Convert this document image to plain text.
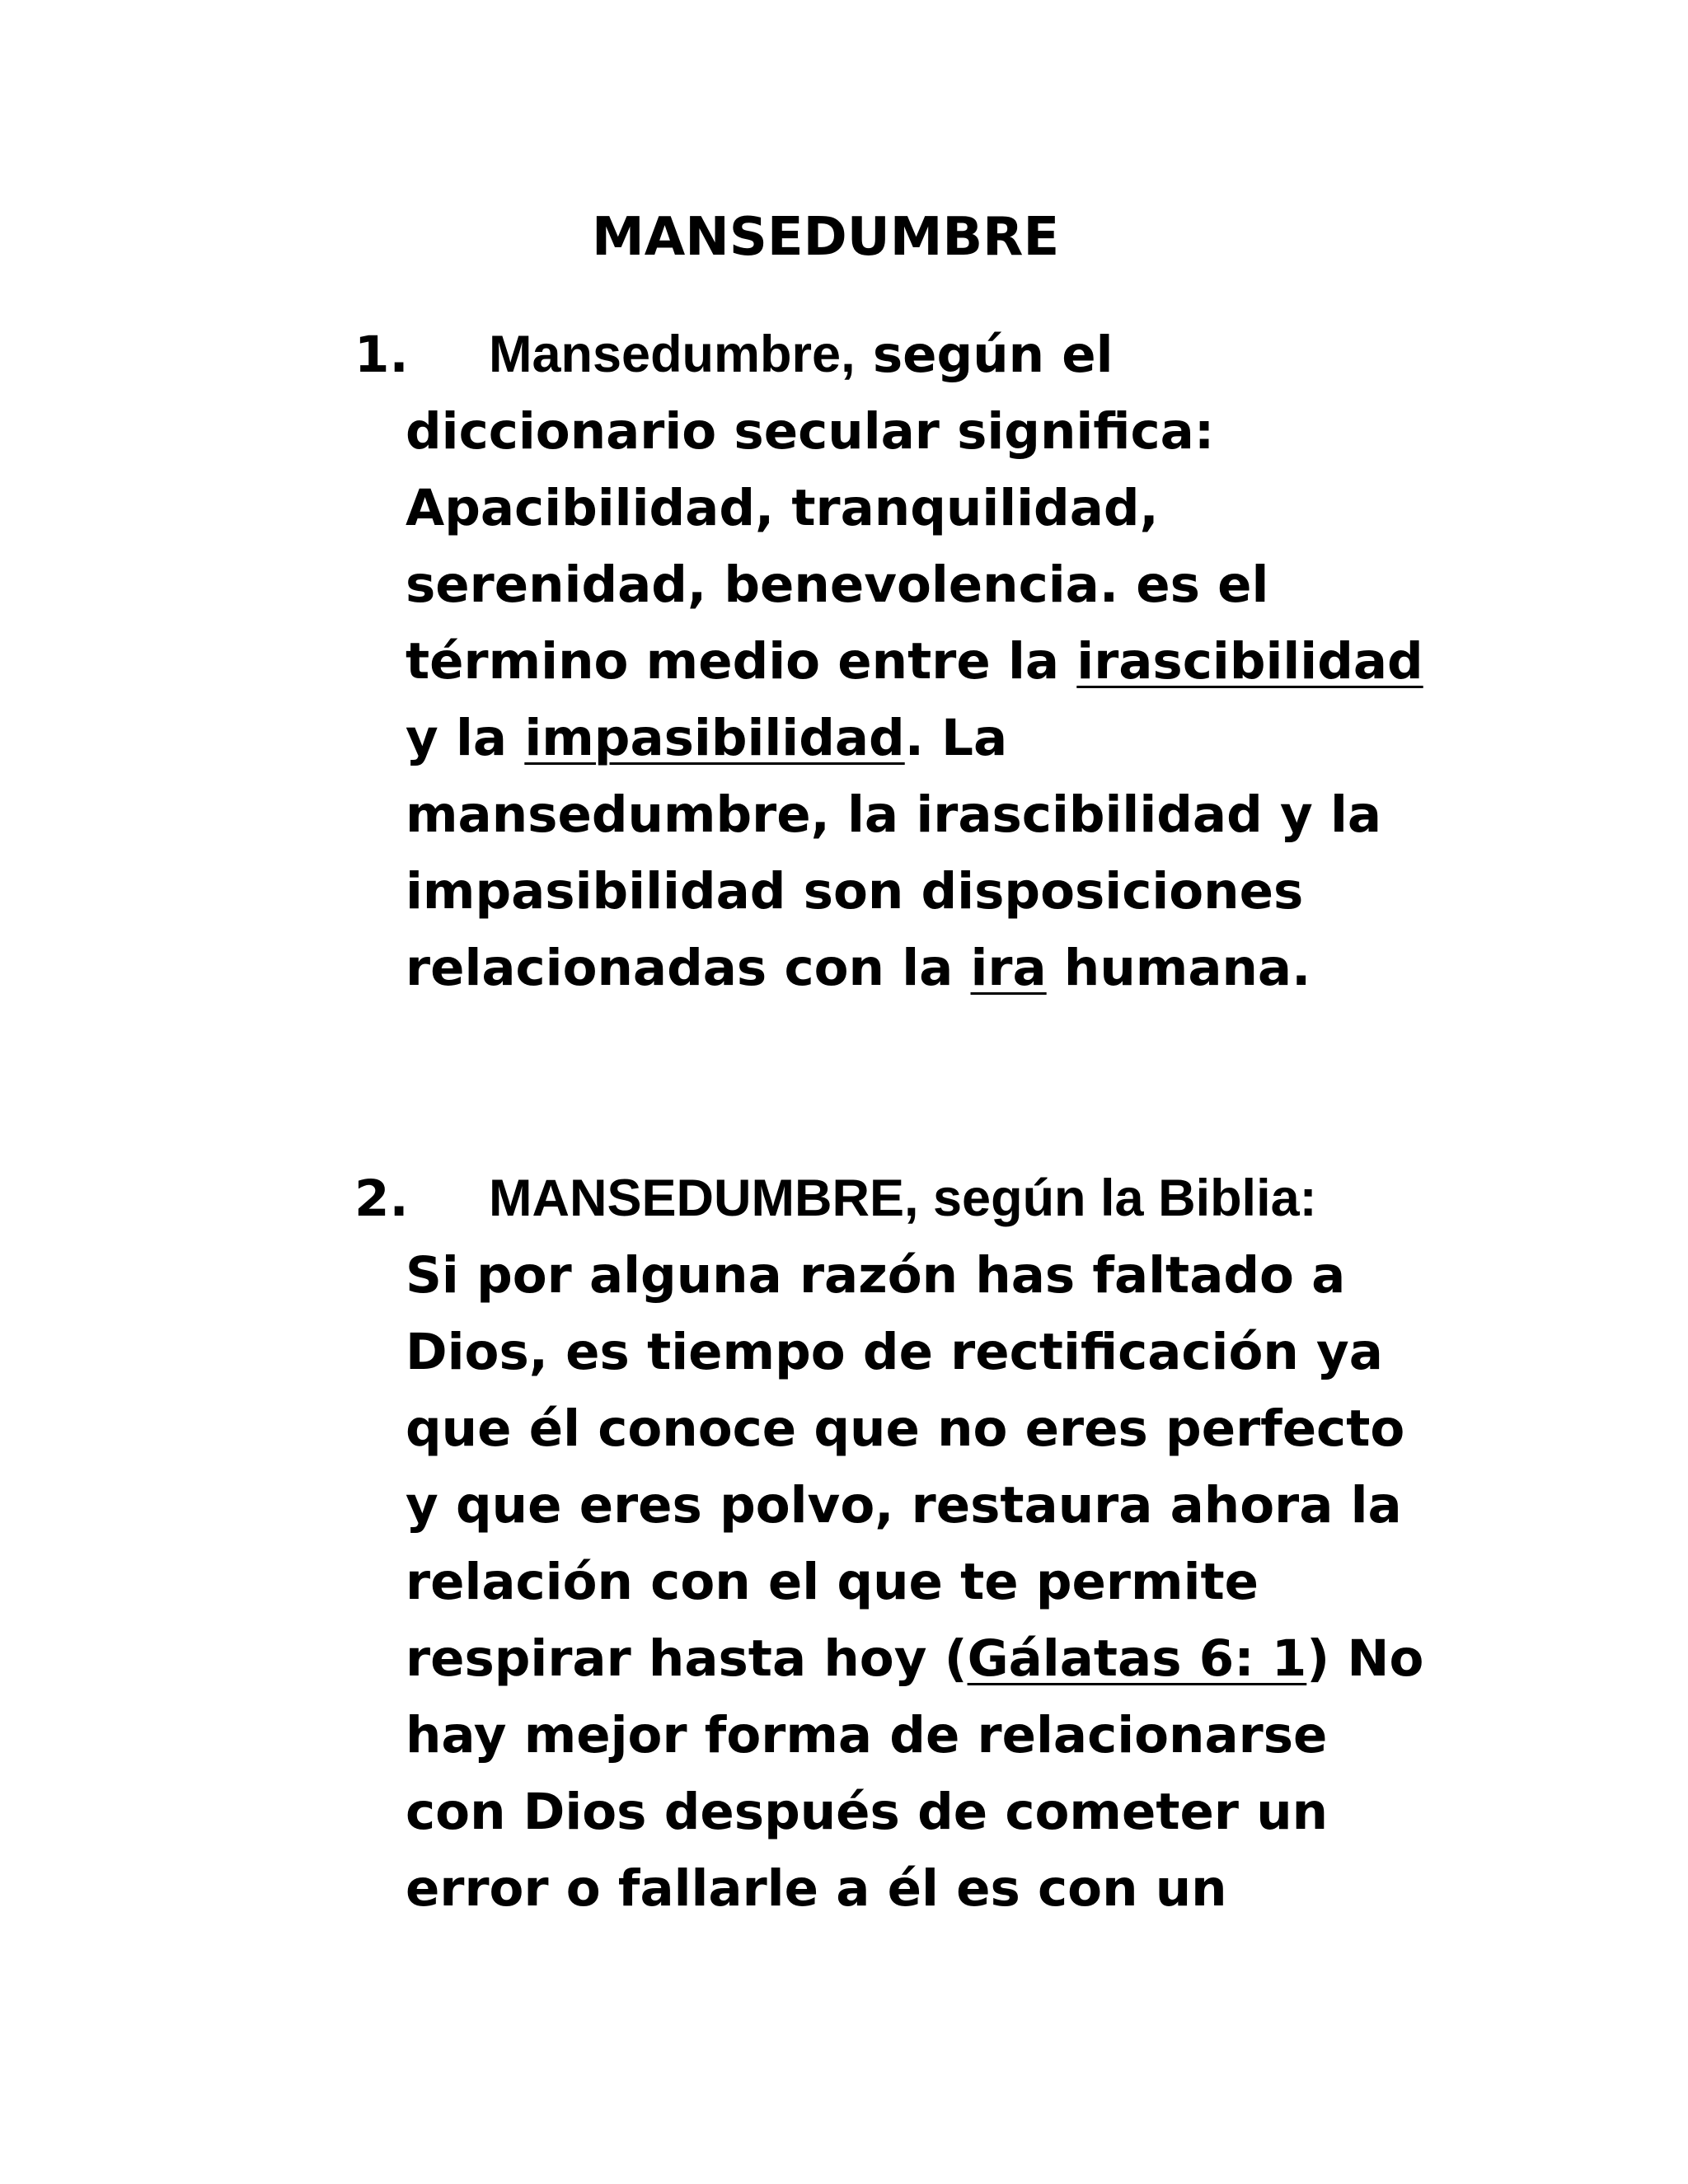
MANSEDUMBRE
1. Mansedumbre, según el
diccionario secular significa:
Apacibilidad, tranquilidad,
serenidad, benevolencia. es el
término medio entre la irascibilidad
y la impasibilidad. La
mansedumbre, la irascibilidad y la
impasibilidad son disposiciones
relacionadas con la ira humana.
2. MANSEDUMBRE, según la Biblia:
Si por alguna razón has faltado a
Dios, es tiempo de rectificación ya
que él conoce que no eres perfecto
y que eres polvo, restaura ahora la
relación con el que te permite
respirar hasta hoy (Gálatas 6: 1) No
hay mejor forma de relacionarse
con Dios después de cometer un
error o fallarle a él es con un
